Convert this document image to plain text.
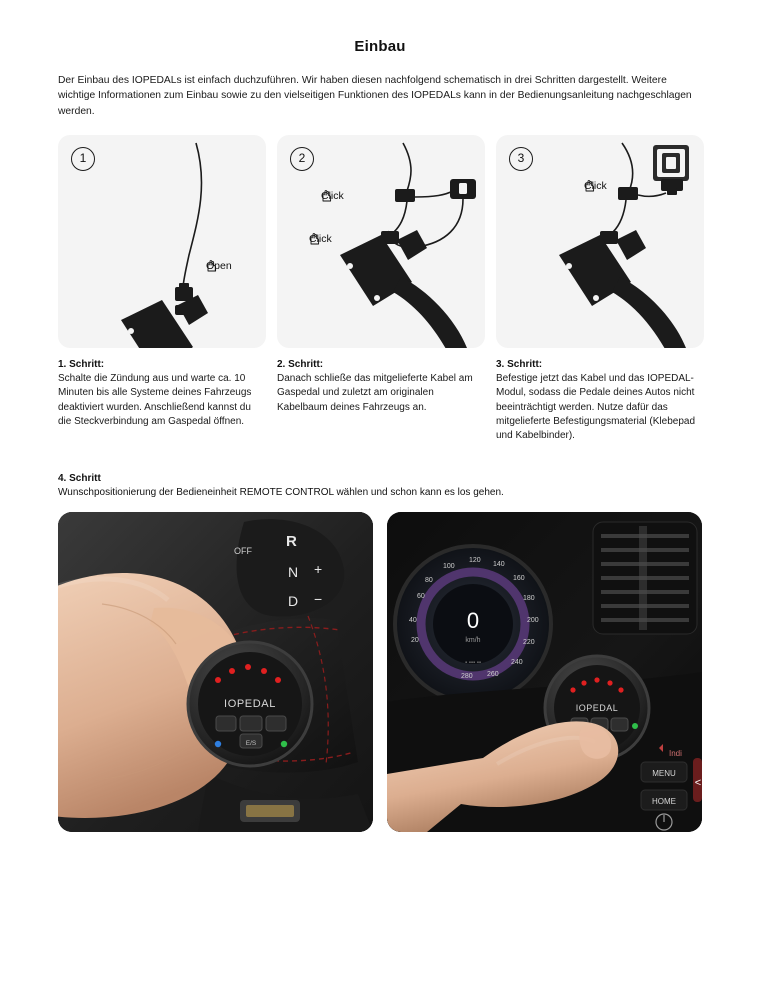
Einbau

Der Einbau des IOPEDALs ist einfach duchzuführen. Wir haben diesen nachfolgend schematisch in drei Schritten dargestellt. Weitere wichtige Informationen zum Einbau sowie zu den vielseitigen Funktionen des IOPEDALs kann in der Bedienungsanleitung nachgeschlagen werden.

1
Open
1. Schritt:
Schalte die Zündung aus und warte ca. 10 Minuten bis alle Systeme deines Fahrzeugs deaktiviert wurden. Anschließend kannst du die Steckverbindung am Gaspedal öffnen.
2
Click
Click
2. Schritt:
Danach schließe das mitgelieferte Kabel am Gaspedal und zuletzt am originalen Kabelbaum deines Fahrzeugs an.
3
Click
3. Schritt:
Befestige jetzt das Kabel und das IOPEDAL-Modul, sodass die Pedale deines Autos nicht beeinträchtigt werden. Nutze dafür das mitgelieferte Befestigungsmaterial (Klebepad und Kabelbinder).
4. Schritt
Wunschpositionierung der Bedieneinheit REMOTE CONTROL wählen und schon kann es los gehen.
OFF
R
N
D
+
−
IOPEDAL
E/S
60
80
100
120
140
160
180
200
220
240
260
280
40
20
0
km/h
▪ ▪▪▪ ▪▪
IOPEDAL
MENU
HOME
Indi
<
